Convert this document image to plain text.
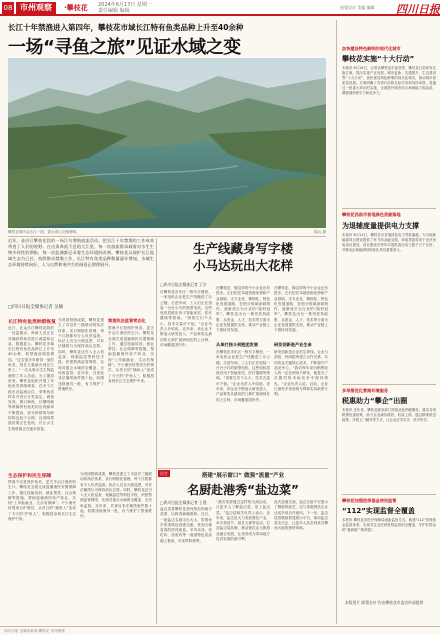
08 市州观察	·攀枝花 2024年6月17日 星期一
责任编辑 编辑
视觉设计 美编 编辑 四川日报
长江十年禁渔进入第四年，攀枝花市域长江特有鱼类品种上升至40余种
一场“寻鱼之旅”见证水域之变
攀枝花境内金沙江一段，碧水青山交相辉映。	陈兵 摄
近年，金沙江攀枝花段的一场江鸟增殖放流活动，把长江十年禁渔的工作成效带进了人们的视野。在这条奔流不息的大江里，每一次放流都承载着对水生生物多样性的期盼，每一次监测都记录着生态环境的改善。攀枝花以保护长江流域生态为己任，持续推动禁渔工作，长江特有鱼类品种数量逐年增加，水域生态环境持续向好，人与自然和谐共生的画卷正徐徐展开。
□四川日报全媒体记者 吴楠
长江特有鱼类种群恢复
近日，在金沙江攀枝花段的一处监测点，科研人员正在对捕获的鱼类进行测量和记录。数据显示，攀枝花市域长江特有鱼类品种已上升至40余种，较禁渔前明显增加。“过去很多年难得一见的鱼类，现在又重新出现在江里了。”一位从事水生生物监测的工作人员说。为了摸清家底，攀枝花组织开展了多轮鱼类资源调查，在多个江段布设监测点位，采集鱼类样本并进行分类鉴定。调查发现，圆口铜鱼、长鳍吻鮈等珍稀特有鱼类的出现频率不断提高，部分种群的年龄结构也趋于合理。这说明禁渔效果正在显现，长江水生生物资源正在逐步恢复。
为巩固禁渔成果，攀枝花建立了市县乡三级联动的执法体系，实行网格化管理，每个江段都有专人负责巡查。执法人员全天候巡逻，对非法捕捞行为保持高压态势。同时，攀枝花还引入无人机巡查、视频监控等科技手段，织密禁渔监管网络，实现对重点水域的全覆盖、无死角监管。近年来，共查处非法捕捞案件数十起，收缴违规渔具一批，有力维护了禁渔秩序。
禁渔执法监管常态化
禁渔不仅是保护鱼类，更关乎沿江渔民的生计。攀枝花全面完成退捕渔民安置保障工作，通过技能培训、就业帮扶、社会保障等措施，帮助退捕渔民转产转业，实现“上岸能就业、生活有保障”。不少渔民转型成为护渔员，从昔日的“捕鱼人”变成了今天的“护鱼人”，积极投身到长江生态保护中来。
生态保护和民生保障
禁渔不仅是保护鱼类，更关乎沿江渔民的生计。攀枝花全面完成退捕渔民安置保障工作，通过技能培训、就业帮扶、社会保障等措施，帮助退捕渔民转产转业，实现“上岸能就业、生活有保障”。不少渔民转型成为护渔员，从昔日的“捕鱼人”变成了今天的“护鱼人”，积极投身到长江生态保护中来。
为巩固禁渔成果，攀枝花建立了市县乡三级联动的执法体系，实行网格化管理，每个江段都有专人负责巡查。执法人员全天候巡逻，对非法捕捞行为保持高压态势。同时，攀枝花还引入无人机巡查、视频监控等科技手段，织密禁渔监管网络，实现对重点水域的全覆盖、无死角监管。近年来，共查处非法捕捞案件数十起，收缴违规渔具一批，有力维护了禁渔秩序。
生产线藏身写字楼
小马达玩出大花样
□四川日报全媒体记者 王学
在攀枝花市东区一栋写字楼里，一家电机企业把生产线搬进了办公楼。走进车间，工人们正在组装一台台小巧的微型电机，这些电机将被应用于智能家居、医疗器械等领域。“别看它们个头小，技术含量可不低。”企业负责人介绍说。近年来，该企业不断加大研发投入，产品种类从最初的几种扩展到现在的上百种，市场覆盖国内外。	从单打独斗到抱团发展
在攀枝花，像这样的中小企业还有很多。它们依托本地资源优势和产业基础，走专业化、精细化、特色化发展道路，在细分领域深耕细作，逐渐成长为行业的“隐形冠军”。攀枝花出台一系列扶持政策，从资金、人才、技术等方面为企业发展提供支持，推动产业链上下游协同发展。
在攀枝花市东区一栋写字楼里，一家电机企业把生产线搬进了办公楼。走进车间，工人们正在组装一台台小巧的微型电机，这些电机将被应用于智能家居、医疗器械等领域。“别看它们个头小，技术含量可不低。”企业负责人介绍说。近年来，该企业不断加大研发投入，产品种类从最初的几种扩展到现在的上百种，市场覆盖国内外。
研发创新是产业生命
在攀枝花，像这样的中小企业还有很多。它们依托本地资源优势和产业基础，走专业化、精细化、特色化发展道路，在细分领域深耕细作，逐渐成长为行业的“隐形冠军”。攀枝花出台一系列扶持政策，从资金、人才、技术等方面为企业发展提供支持，推动产业链上下游协同发展。
研发创新是企业的生命线。企业与高校、科研院所建立合作关系，共同攻克关键核心技术，不断提升产品竞争力。“我们每年拿出销售收入的一定比例用于研发，就是为了在激烈的市场竞争中保持领先。”企业负责人说。目前，企业已拥有多项发明专利和实用新型专利。
民生	搭建“展示窗口” 做强“流量”产业
名厨赴港秀“盐边菜”
□四川日报全媒体记者 王建
盐边菜是攀枝花独具特色的地方菜系，以鲜香麻辣著称。近日，一批盐边名厨走出大山，带着家乡的美味赴香港交流，受到当地食客的热烈欢迎。羊肉米线、坨坨鸡、油底肉等一道道特色菜品端上餐桌，引来阵阵称赞。
“我们希望通过这样的交流活动，让更多人了解盐边菜、爱上盐边菜。”盐边县相关负责人表示。近年来，盐边县大力发展餐饮产业，举办美食节、厨艺大赛等活动，打造盐边菜品牌，推动餐饮业与旅游业融合发展，让美食成为带动地方经济发展的新引擎。
此次赴港交流，盐边名厨不仅展示了精湛的厨艺，还与香港餐饮企业达成多项合作意向。下一步，盐边县将继续搭建展示平台，推动盐边菜走出去，让更多人品尝到来自攀西大地的独特风味。
加快建设特色鲜明的现代化城市
攀枝花实施“十大行动”
本报讯 6月14日，记者从攀枝花市委获悉，攀枝花日前印发实施方案，提出实施产业发展、城市更新、交通提升、生态建设等“十大行动”，加快建设特色鲜明的现代化城市，推动城市高质量发展。方案明确了各项行动的目标任务和具体举措，将通过一批重大项目的实施，全面提升城市综合承载能力和品质，增强城市吸引力和竞争力。
攀枝花西昌市首笔绿色贷款落地
为退辅度量提供电力支撑
本报讯 6月13日，攀枝花市首笔绿色电力贷款落地，为当地新能源项目建设提供了有力的金融支撑。该笔贷款将用于光伏发电项目建设，项目建成后每年可提供清洁电力数千万千瓦时，对推动区域能源结构优化具有重要意义。
多举措优化营商环境服务
税惠助力“攀企”出圈
本报讯 近年来，攀枝花税务部门持续优化纳税服务，落实各项税费优惠政策，助力企业减负增效、轻装上阵。通过精准推送政策、开展上门辅导等方式，让企业应享尽享、快享快享。
攀枝花加强医保基金使用监管
“112”实现监督全覆盖
本报讯 攀枝花市医疗保障局创新监管方式，构建“112”医保基金监管体系，实现对定点医药机构监督的全覆盖，守护好群众的“看病钱”“救命钱”。
本版图片 除署名外 均由攀枝花市委宣传部提供
四川日报 全媒体新闻 攀枝花 市州观察
